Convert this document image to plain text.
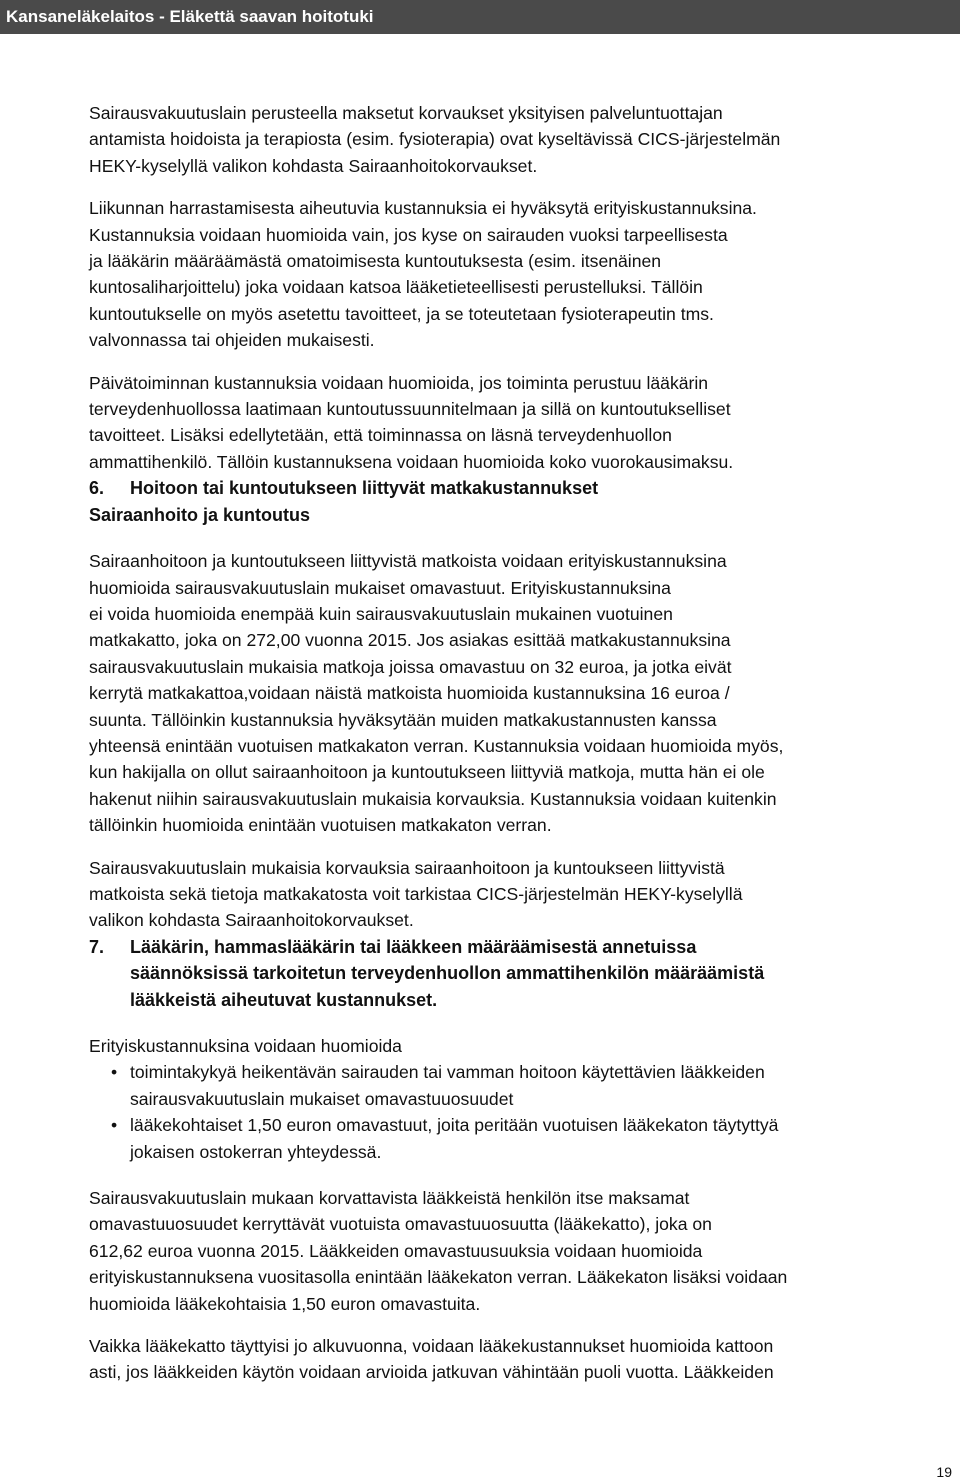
Kansaneläkelaitos - Eläkettä saavan hoitotuki

Sairausvakuutuslain perusteella maksetut korvaukset yksityisen palveluntuottajan
antamista hoidoista ja terapiosta (esim. fysioterapia) ovat kyseltävissä CICS-järjestelmän
HEKY-kyselyllä valikon kohdasta Sairaanhoitokorvaukset.

Liikunnan harrastamisesta aiheutuvia kustannuksia ei hyväksytä erityiskustannuksina.
Kustannuksia voidaan huomioida vain, jos kyse on sairauden vuoksi tarpeellisesta
ja lääkärin määräämästä omatoimisesta kuntoutuksesta (esim. itsenäinen
kuntosaliharjoittelu) joka voidaan katsoa lääketieteellisesti perustelluksi. Tällöin
kuntoutukselle on myös asetettu tavoitteet, ja se toteutetaan fysioterapeutin tms.
valvonnassa tai ohjeiden mukaisesti.

Päivätoiminnan kustannuksia voidaan huomioida, jos toiminta perustuu lääkärin
terveydenhuollossa laatimaan kuntoutussuunnitelmaan ja sillä on kuntoutukselliset
tavoitteet. Lisäksi edellytetään, että toiminnassa on läsnä terveydenhuollon
ammattihenkilö. Tällöin kustannuksena voidaan huomioida koko vuorokausimaksu.

6.	Hoitoon tai kuntoutukseen liittyvät matkakustannukset

Sairaanhoito ja kuntoutus

Sairaanhoitoon ja kuntoutukseen liittyvistä matkoista voidaan erityiskustannuksina
huomioida sairausvakuutuslain mukaiset omavastuut. Erityiskustannuksina
ei voida huomioida enempää kuin sairausvakuutuslain mukainen vuotuinen
matkakatto, joka on 272,00 vuonna 2015. Jos asiakas esittää matkakustannuksina
sairausvakuutuslain mukaisia matkoja joissa omavastuu on 32 euroa, ja jotka eivät
kerrytä matkakattoa,voidaan näistä matkoista huomioida kustannuksina 16 euroa /
suunta. Tällöinkin kustannuksia hyväksytään muiden matkakustannusten kanssa
yhteensä enintään vuotuisen matkakaton verran. Kustannuksia voidaan huomioida myös,
kun hakijalla on ollut sairaanhoitoon ja kuntoutukseen liittyviä matkoja, mutta hän ei ole
hakenut niihin sairausvakuutuslain mukaisia korvauksia. Kustannuksia voidaan kuitenkin
tällöinkin huomioida enintään vuotuisen matkakaton verran.

Sairausvakuutuslain mukaisia korvauksia sairaanhoitoon ja kuntoukseen liittyvistä
matkoista sekä tietoja matkakatosta voit tarkistaa CICS-järjestelmän HEKY-kyselyllä
valikon kohdasta Sairaanhoitokorvaukset.

7.	Lääkärin, hammaslääkärin tai lääkkeen määräämisestä annetuissa
säännöksissä tarkoitetun terveydenhuollon ammattihenkilön määräämistä
lääkkeistä aiheutuvat kustannukset.

Erityiskustannuksina voidaan huomioida

• toimintakykyä heikentävän sairauden tai vamman hoitoon käytettävien lääkkeiden
sairausvakuutuslain mukaiset omavastuuosuudet
• lääkekohtaiset 1,50 euron omavastuut, joita peritään vuotuisen lääkekaton täytyttyä
jokaisen ostokerran yhteydessä.

Sairausvakuutuslain mukaan korvattavista lääkkeistä henkilön itse maksamat
omavastuuosuudet kerryttävät vuotuista omavastuuosuutta (lääkekatto), joka on
612,62 euroa vuonna 2015. Lääkkeiden omavastuusuuksia voidaan huomioida
erityiskustannuksena vuositasolla enintään lääkekaton verran. Lääkekaton lisäksi voidaan
huomioida lääkekohtaisia 1,50 euron omavastuita.

Vaikka lääkekatto täyttyisi jo alkuvuonna, voidaan lääkekustannukset huomioida kattoon
asti, jos lääkkeiden käytön voidaan arvioida jatkuvan vähintään puoli vuotta. Lääkkeiden

19
